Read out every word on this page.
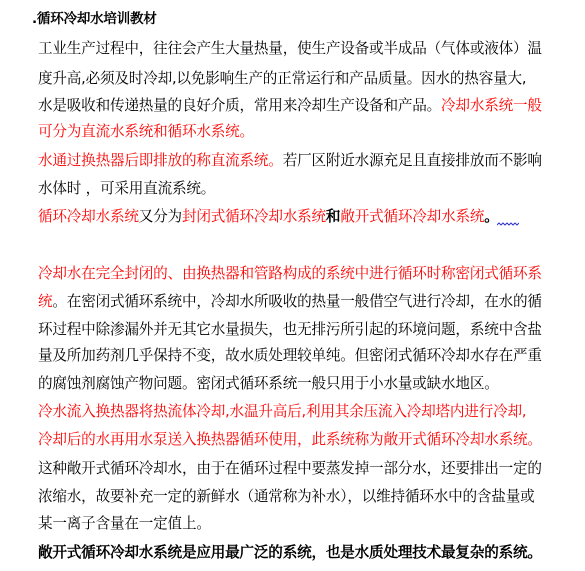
.循环冷却水培训教材
工业生产过程中，往往会产生大量热量，使生产设备或半成品（气体或液体）温
度升高,必须及时冷却,以免影响生产的正常运行和产品质量。因水的热容量大,
水是吸收和传递热量的良好介质，常用来冷却生产设备和产品。冷却水系统一般
可分为直流水系统和循环水系统。
水通过换热器后即排放的称直流系统。若厂区附近水源充足且直接排放而不影响
水体时 ，可采用直流系统。
循环冷却水系统又分为封闭式循环冷却水系统和敞开式循环冷却水系统。
冷却水在完全封闭的、由换热器和管路构成的系统中进行循环时称密闭式循环系
统。在密闭式循环系统中，冷却水所吸收的热量一般借空气进行冷却，在水的循
环过程中除渗漏外并无其它水量损失，也无排污所引起的环境问题，系统中含盐
量及所加药剂几乎保持不变，故水质处理较单纯。但密闭式循环冷却水存在严重
的腐蚀剂腐蚀产物问题。密闭式循环系统一般只用于小水量或缺水地区。
冷水流入换热器将热流体冷却,水温升高后,利用其余压流入冷却塔内进行冷却,
冷却后的水再用水泵送入换热器循环使用，此系统称为敞开式循环冷却水系统。
这种敞开式循环冷却水，由于在循环过程中要蒸发掉一部分水，还要排出一定的
浓缩水，故要补充一定的新鲜水（通常称为补水），以维持循环水中的含盐量或
某一离子含量在一定值上。
敞开式循环冷却水系统是应用最广泛的系统，也是水质处理技术最复杂的系统。
